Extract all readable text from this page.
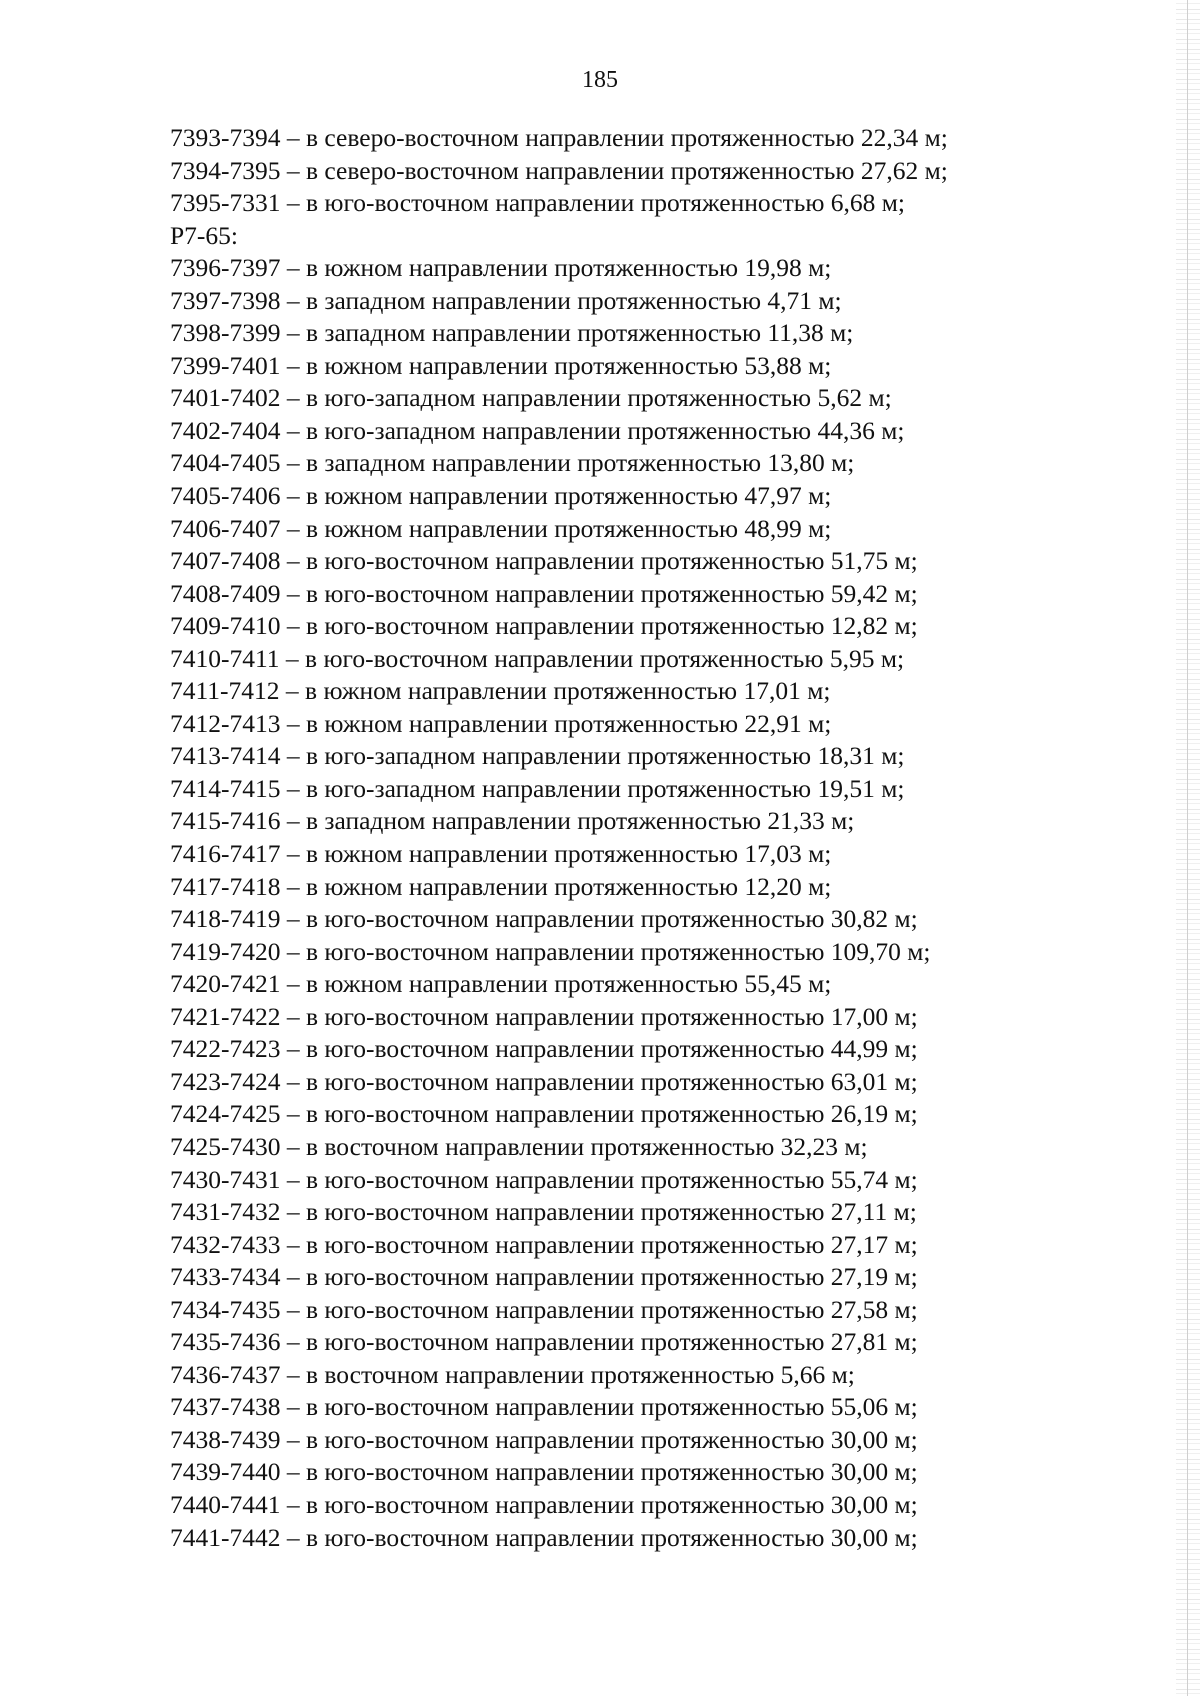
185
7393-7394 – в северо-восточном направлении протяженностью 22,34 м;
7394-7395 – в северо-восточном направлении протяженностью 27,62 м;
7395-7331 – в юго-восточном направлении протяженностью 6,68 м;
Р7-65:
7396-7397 – в южном направлении протяженностью 19,98 м;
7397-7398 – в западном направлении протяженностью 4,71 м;
7398-7399 – в западном направлении протяженностью 11,38 м;
7399-7401 – в южном направлении протяженностью 53,88 м;
7401-7402 – в юго-западном направлении протяженностью 5,62 м;
7402-7404 – в юго-западном направлении протяженностью 44,36 м;
7404-7405 – в западном направлении протяженностью 13,80 м;
7405-7406 – в южном направлении протяженностью 47,97 м;
7406-7407 – в южном направлении протяженностью 48,99 м;
7407-7408 – в юго-восточном направлении протяженностью 51,75 м;
7408-7409 – в юго-восточном направлении протяженностью 59,42 м;
7409-7410 – в юго-восточном направлении протяженностью 12,82 м;
7410-7411 – в юго-восточном направлении протяженностью 5,95 м;
7411-7412 – в южном направлении протяженностью 17,01 м;
7412-7413 – в южном направлении протяженностью 22,91 м;
7413-7414 – в юго-западном направлении протяженностью 18,31 м;
7414-7415 – в юго-западном направлении протяженностью 19,51 м;
7415-7416 – в западном направлении протяженностью 21,33 м;
7416-7417 – в южном направлении протяженностью 17,03 м;
7417-7418 – в южном направлении протяженностью 12,20 м;
7418-7419 – в юго-восточном направлении протяженностью 30,82 м;
7419-7420 – в юго-восточном направлении протяженностью 109,70 м;
7420-7421 – в южном направлении протяженностью 55,45 м;
7421-7422 – в юго-восточном направлении протяженностью 17,00 м;
7422-7423 – в юго-восточном направлении протяженностью 44,99 м;
7423-7424 – в юго-восточном направлении протяженностью 63,01 м;
7424-7425 – в юго-восточном направлении протяженностью 26,19 м;
7425-7430 – в восточном направлении протяженностью 32,23 м;
7430-7431 – в юго-восточном направлении протяженностью 55,74 м;
7431-7432 – в юго-восточном направлении протяженностью 27,11 м;
7432-7433 – в юго-восточном направлении протяженностью 27,17 м;
7433-7434 – в юго-восточном направлении протяженностью 27,19 м;
7434-7435 – в юго-восточном направлении протяженностью 27,58 м;
7435-7436 – в юго-восточном направлении протяженностью 27,81 м;
7436-7437 – в восточном направлении протяженностью 5,66 м;
7437-7438 – в юго-восточном направлении протяженностью 55,06 м;
7438-7439 – в юго-восточном направлении протяженностью 30,00 м;
7439-7440 – в юго-восточном направлении протяженностью 30,00 м;
7440-7441 – в юго-восточном направлении протяженностью 30,00 м;
7441-7442 – в юго-восточном направлении протяженностью 30,00 м;
